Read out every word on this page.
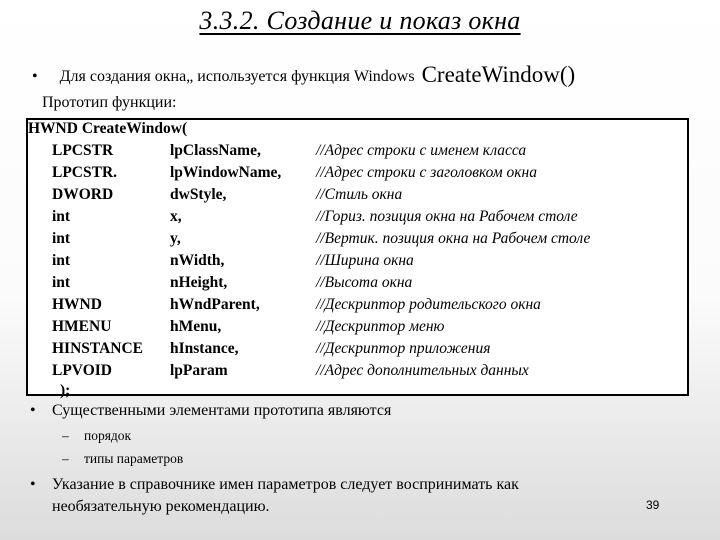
3.3.2. Создание и показ окна
• Для создания окна„ используется функция Windows CreateWindow()
Прототип функции:
HWND CreateWindow(
LPCSTR	lpClassName,	//Адрес строки с именем класса
LPCSTR.	lpWindowName, //Адрес строки с заголовком окна
DWORD	dwStyle,	//Стиль окна
int	x,	//Гориз. позиция окна на Рабочем столе
int	y,	//Вертик. позиция окна на Рабочем столе
int	nWidth,	//Ширина окна
int	nHeight,	//Высота окна
HWND	hWndParent,	//Дескриптор родительского окна
HMENU	hMenu,	//Дескриптор меню
HINSTANCE hInstance,	//Дескриптор приложения
LPVOID	lpParam	//Адрес дополнительных данных
);
• Существенными элементами прототипа являются
– порядок
– типы параметров
• Указание в справочнике имен параметров следует воспринимать как необязательную рекомендацию.	39
